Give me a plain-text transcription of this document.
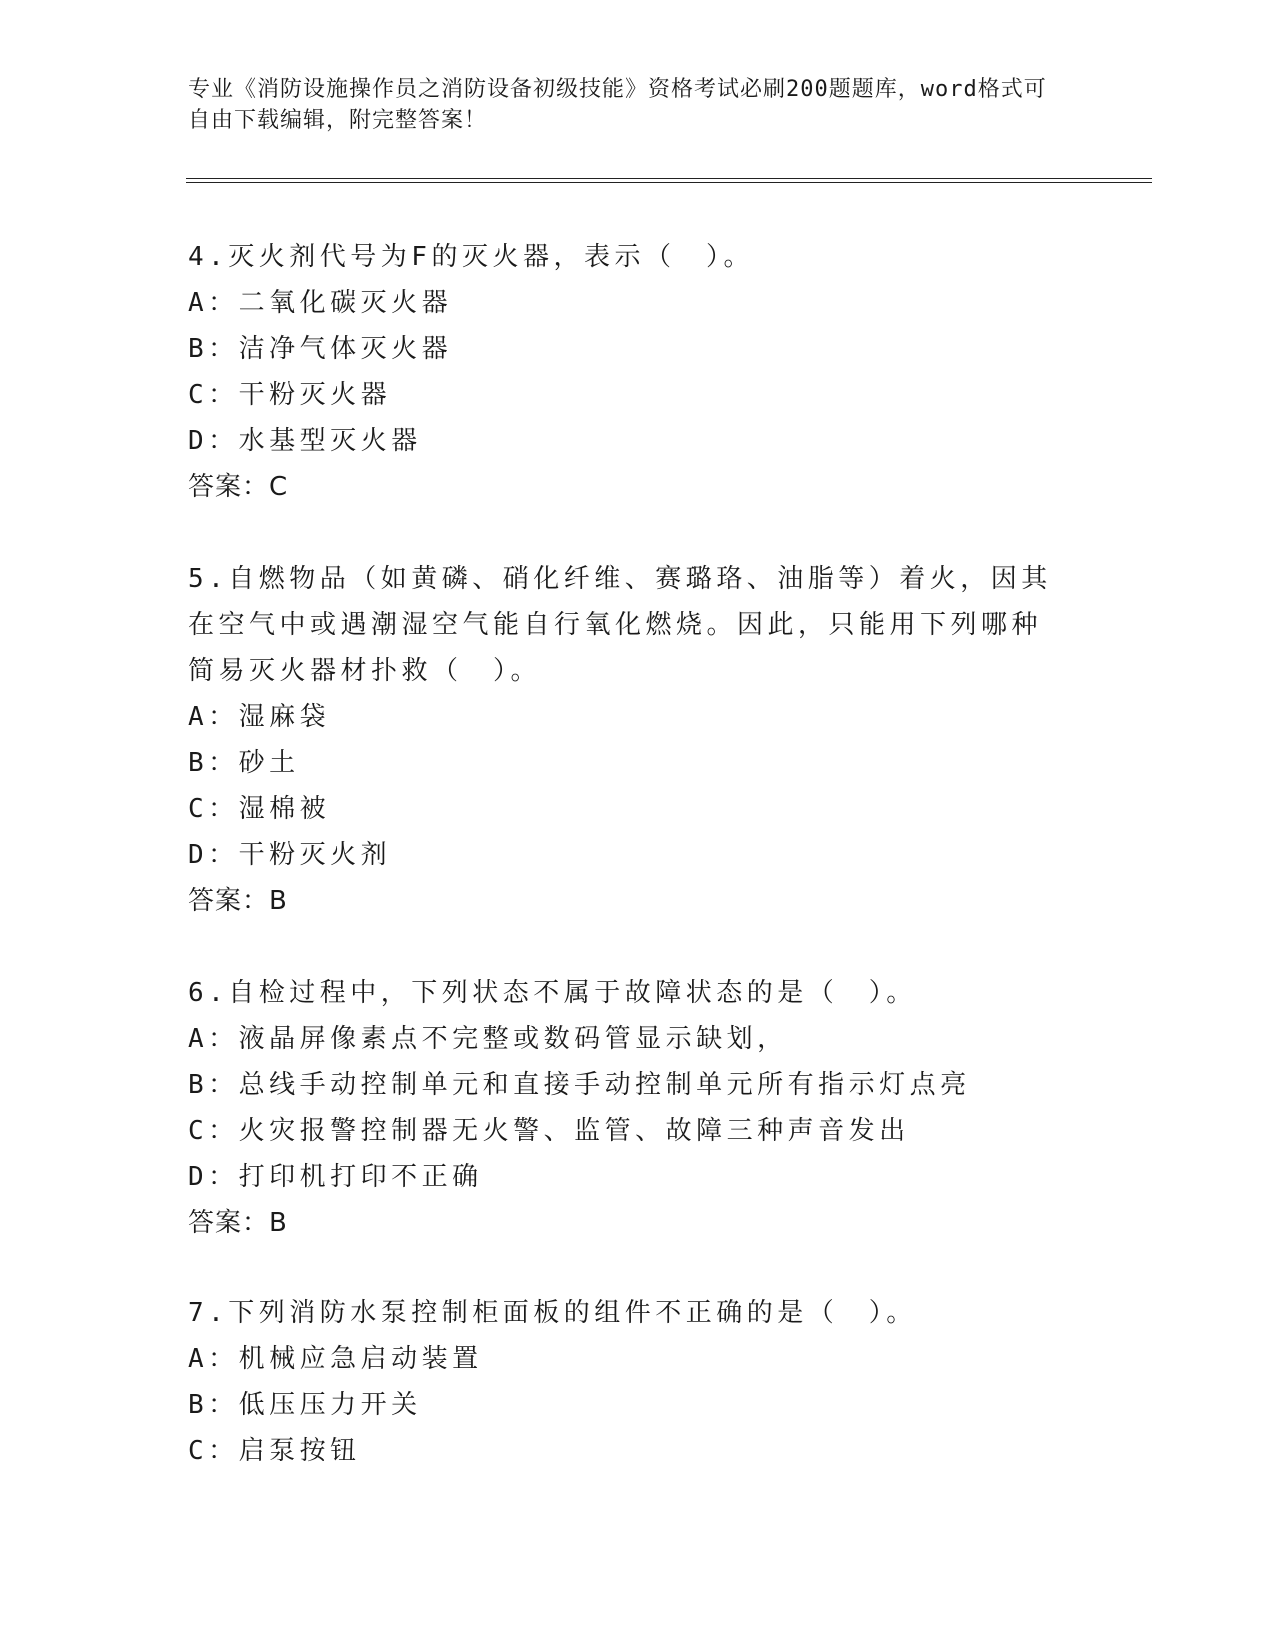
专业《消防设施操作员之消防设备初级技能》资格考试必刷200题题库，word格式可自由下载编辑，附完整答案！
4.灭火剂代号为F的灭火器，表示（　）。
A：二氧化碳灭火器
B：洁净气体灭火器
C：干粉灭火器
D：水基型灭火器
答案：C
5.自燃物品（如黄磷、硝化纤维、赛璐珞、油脂等）着火，因其在空气中或遇潮湿空气能自行氧化燃烧。因此，只能用下列哪种简易灭火器材扑救（　）。
A：湿麻袋
B：砂土
C：湿棉被
D：干粉灭火剂
答案：B
6.自检过程中，下列状态不属于故障状态的是（　）。
A：液晶屏像素点不完整或数码管显示缺划，
B：总线手动控制单元和直接手动控制单元所有指示灯点亮
C：火灾报警控制器无火警、监管、故障三种声音发出
D：打印机打印不正确
答案：B
7.下列消防水泵控制柜面板的组件不正确的是（　）。
A：机械应急启动装置
B：低压压力开关
C：启泵按钮
